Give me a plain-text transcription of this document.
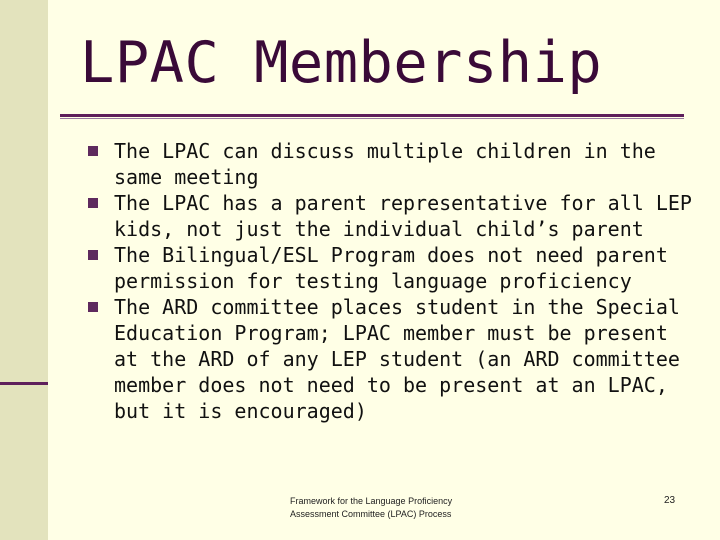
LPAC Membership
The LPAC can discuss multiple children in the same meeting
The LPAC has a parent representative for all LEP kids, not just the individual child’s parent
The Bilingual/ESL Program does not need parent permission for testing language proficiency
The ARD committee places student in the Special Education Program; LPAC member must be present at the ARD of any LEP student (an ARD committee member does not need to be present at an LPAC, but it is encouraged)
Framework for the Language Proficiency
Assessment Committee (LPAC) Process
23
